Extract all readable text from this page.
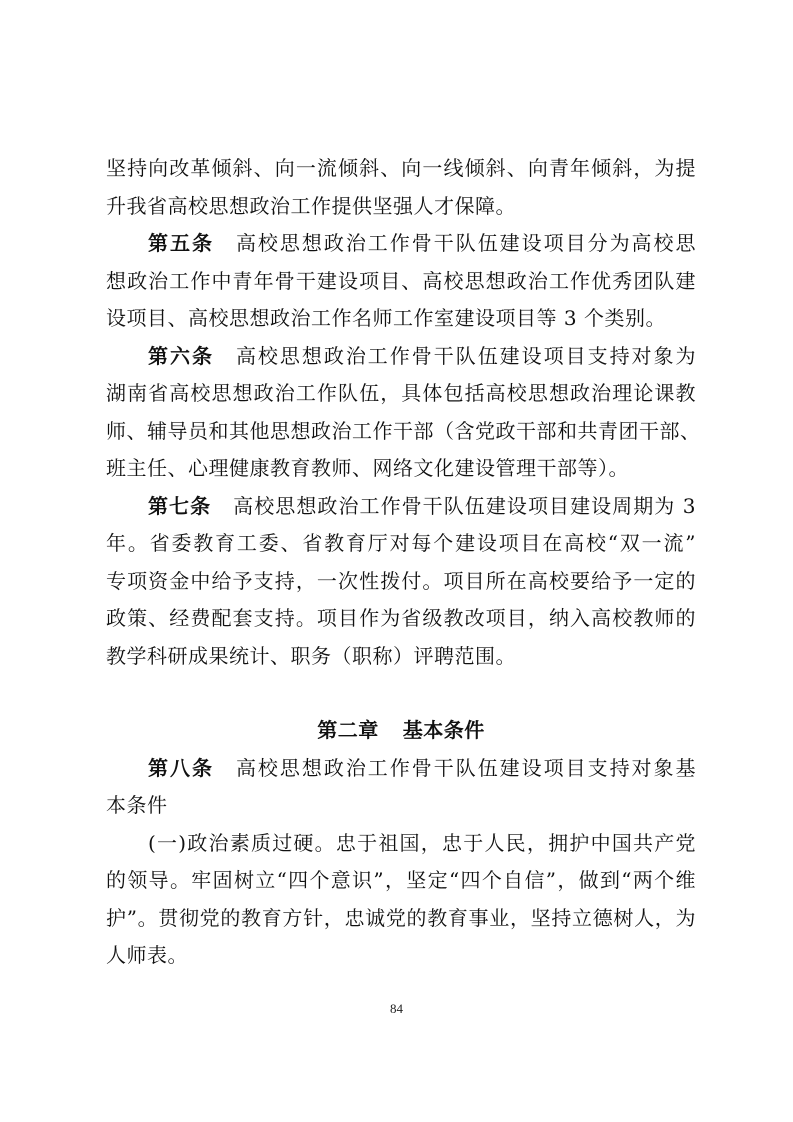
坚持向改革倾斜、向一流倾斜、向一线倾斜、向青年倾斜，为提
升我省高校思想政治工作提供坚强人才保障。
第五条 高校思想政治工作骨干队伍建设项目分为高校思
想政治工作中青年骨干建设项目、高校思想政治工作优秀团队建
设项目、高校思想政治工作名师工作室建设项目等 3 个类别。
第六条 高校思想政治工作骨干队伍建设项目支持对象为
湖南省高校思想政治工作队伍，具体包括高校思想政治理论课教
师、辅导员和其他思想政治工作干部（含党政干部和共青团干部、
班主任、心理健康教育教师、网络文化建设管理干部等）。
第七条 高校思想政治工作骨干队伍建设项目建设周期为 3
年。省委教育工委、省教育厅对每个建设项目在高校“双一流”
专项资金中给予支持，一次性拨付。项目所在高校要给予一定的
政策、经费配套支持。项目作为省级教改项目，纳入高校教师的
教学科研成果统计、职务（职称）评聘范围。
第二章 基本条件
第八条 高校思想政治工作骨干队伍建设项目支持对象基
本条件
(一)政治素质过硬。忠于祖国，忠于人民，拥护中国共产党
的领导。牢固树立“四个意识”，坚定“四个自信”，做到“两个维
护”。贯彻党的教育方针，忠诚党的教育事业，坚持立德树人，为
人师表。
84
